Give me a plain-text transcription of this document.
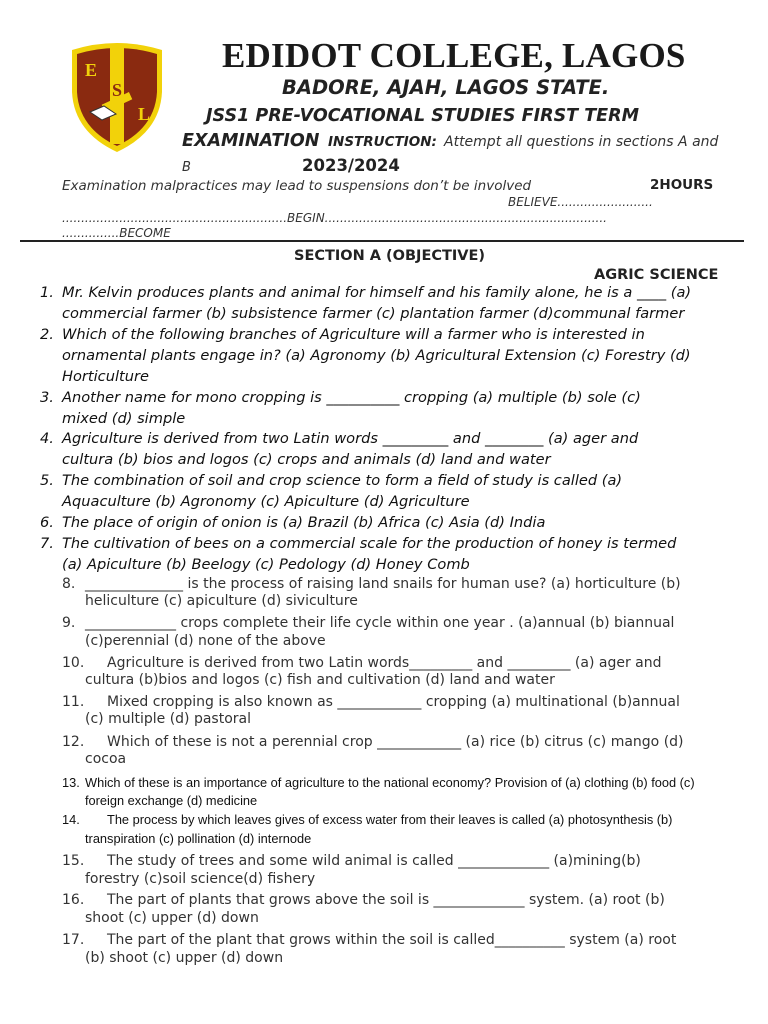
E
S
L
EDIDOT COLLEGE, LAGOS
BADORE, AJAH, LAGOS STATE.
JSS1 PRE-VOCATIONAL STUDIES FIRST TERM
EXAMINATION INSTRUCTION: Attempt all questions in sections A and
B	2023/2024
Examination malpractices may lead to suspensions don’t be involved	2HOURS
BELIEVE.........................
...........................................................BEGIN..........................................................................
...............BECOME
SECTION A (OBJECTIVE)
AGRIC SCIENCE
1. Mr. Kelvin produces plants and animal for himself and his family alone, he is a ____ (a)
commercial farmer (b) subsistence farmer (c) plantation farmer (d)communal farmer
2. Which of the following branches of Agriculture will a farmer who is interested in
ornamental plants engage in? (a) Agronomy (b) Agricultural Extension (c) Forestry (d)
Horticulture
3. Another name for mono cropping is __________ cropping (a) multiple (b) sole (c)
mixed (d) simple
4. Agriculture is derived from two Latin words _________ and ________ (a) ager and
cultura (b) bios and logos (c) crops and animals (d) land and water
5. The combination of soil and crop science to form a field of study is called (a)
Aquaculture (b) Agronomy (c) Apiculture (d) Agriculture
6. The place of origin of onion is (a) Brazil (b) Africa (c) Asia (d) India
7. The cultivation of bees on a commercial scale for the production of honey is termed
(a) Apiculture (b) Beelogy (c) Pedology (d) Honey Comb
8. ______________ is the process of raising land snails for human use? (a) horticulture (b)
heliculture (c) apiculture (d) siviculture
9. _____________ crops complete their life cycle within one year . (a)annual (b) biannual
(c)perennial (d) none of the above
10. Agriculture is derived from two Latin words_________ and _________ (a) ager and
cultura (b)bios and logos (c) fish and cultivation (d) land and water
11. Mixed cropping is also known as ____________ cropping (a) multinational (b)annual
(c) multiple (d) pastoral
12. Which of these is not a perennial crop ____________ (a) rice (b) citrus (c) mango (d)
cocoa
13. Which of these is an importance of agriculture to the national economy? Provision of (a) clothing (b) food (c)
foreign exchange (d) medicine
14. The process by which leaves gives of excess water from their leaves is called (a) photosynthesis (b)
transpiration (c) pollination (d) internode
15. The study of trees and some wild animal is called _____________ (a)mining(b)
forestry (c)soil science(d) fishery
16. The part of plants that grows above the soil is _____________ system. (a) root (b)
shoot (c) upper (d) down
17. The part of the plant that grows within the soil is called__________ system (a) root
(b) shoot (c) upper (d) down
